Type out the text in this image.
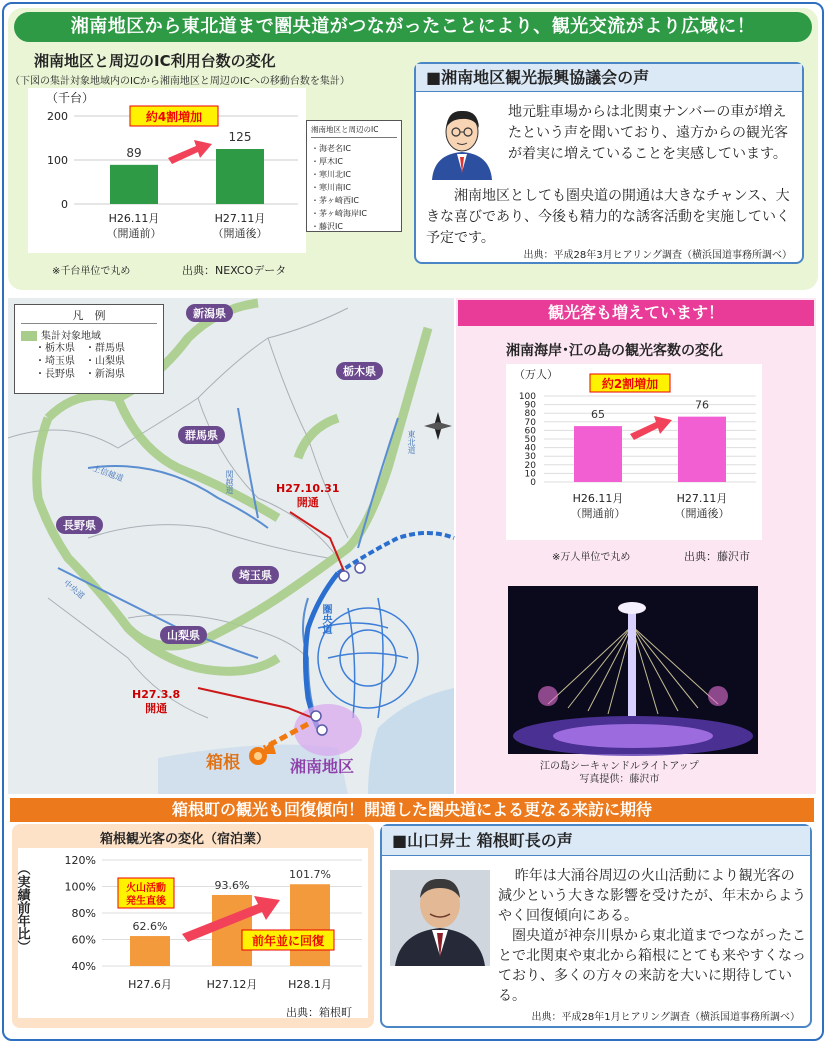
湘南地区から東北道まで圏央道がつながったことにより、観光交流がより広域に！
湘南地区と周辺のIC利用台数の変化
（下図の集計対象地域内のICから湘南地区と周辺のICへの移動台数を集計）
（千台）
0
100
200
89
H26.11月
（開通前）
125
H27.11月
（開通後）
約4割増加
※千台単位で丸め	出典：NEXCOデータ
湘南地区と周辺のIC
・海老名IC
・厚木IC
・寒川北IC
・寒川南IC
・茅ヶ崎西IC
・茅ヶ崎海岸IC
・藤沢IC
■湘南地区観光振興協議会の声
地元駐車場からは北関東ナンバーの車が増えたという声を聞いており、遠方からの観光客が着実に増えていることを実感しています。
湘南地区としても圏央道の開通は大きなチャンス、大きな喜びであり、今後も精力的な誘客活動を実施していく予定です。
出典：平成28年3月ヒアリング調査（横浜国道事務所調べ）
凡　例
集計対象地域
・栃木県　・群馬県
・埼玉県　・山梨県
・長野県　・新潟県
新潟県
栃木県
群馬県
長野県
埼玉県
山梨県
上信越道	関越道
東北道
中央道
圏央道
H27.10.31
開通
H27.3.8
開通
箱根	湘南地区
観光客も増えています！
湘南海岸･江の島の観光客数の変化
（万人）
0
10
20
30
40
50
60
70
80
90
100
65
H26.11月
（開通前）
76
H27.11月
（開通後）
約2割増加
※万人単位で丸め	出典：藤沢市
江の島シーキャンドルライトアップ
写真提供：藤沢市
箱根町の観光も回復傾向！開通した圏央道による更なる来訪に期待
箱根観光客の変化（宿泊業）
（実績前年比）
40%
60%
80%
100%
120%
62.6%
H27.6月
93.6%
H27.12月
101.7%
H28.1月
火山活動
発生直後
前年並に回復
出典：箱根町
■山口昇士 箱根町長の声
昨年は大涌谷周辺の火山活動により観光客の減少という大きな影響を受けたが、年末からようやく回復傾向にある。
　圏央道が神奈川県から東北道までつながったことで北関東や東北から箱根にとても来やすくなっており、多くの方々の来訪を大いに期待している。
出典：平成28年1月ヒアリング調査（横浜国道事務所調べ）
